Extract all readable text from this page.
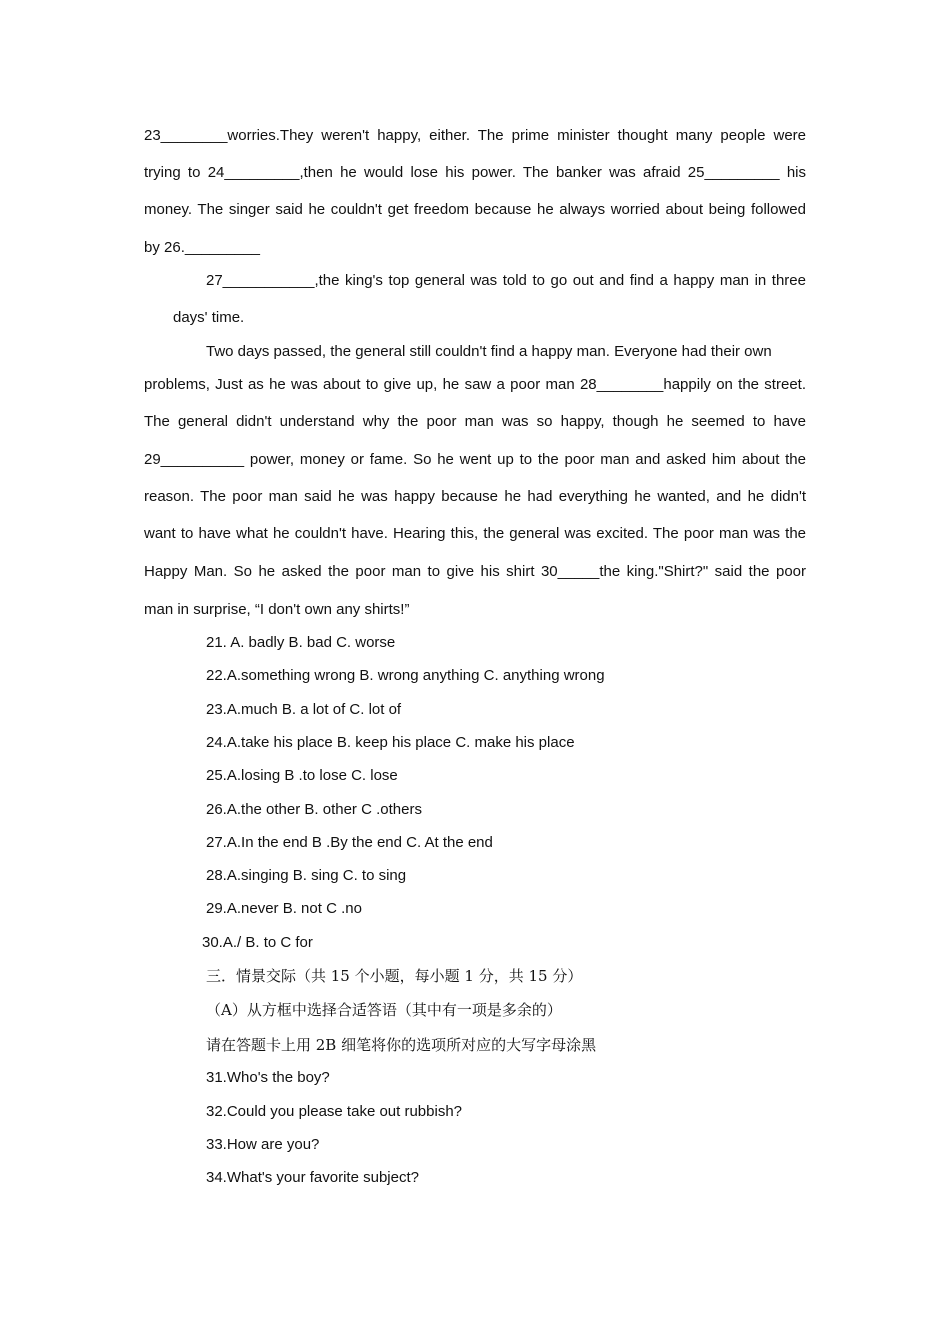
23________worries.They weren't happy, either. The prime minister thought many people were
trying to 24_________,then he would lose his power. The banker was afraid 25_________ his
money. The singer said he couldn't get freedom because he always worried about being followed
by 26._________
27___________,the king's top general was told to go out and find a happy man in three
days' time.
Two days passed, the general still couldn't find a happy man. Everyone had their own
problems, Just as he was about to give up, he saw a poor man 28________happily on the street.
The general didn't understand why the poor man was so happy, though he seemed to have
29__________ power, money or fame. So he went up to the poor man and asked him about the
reason. The poor man said he was happy because he had everything he wanted, and he didn't
want to have what he couldn't have. Hearing this, the general was excited. The poor man was the
Happy Man. So he asked the poor man to give his shirt 30_____the king."Shirt?" said the poor
man in surprise, “I don't own any shirts!”
21. A. badly B. bad C. worse
22.A.something wrong B. wrong anything C. anything wrong
23.A.much B. a lot of C. lot of
24.A.take his place B. keep his place C. make his place
25.A.losing B .to lose C. lose
26.A.the other B. other C .others
27.A.In the end B .By the end C. At the end
28.A.singing B. sing C. to sing
29.A.never B. not C .no
30.A./ B. to C for
三．情景交际（共 15 个小题，每小题 1 分，共 15 分）
（A）从方框中选择合适答语（其中有一项是多余的）
请在答题卡上用 2B 细笔将你的选项所对应的大写字母涂黑
31.Who's the boy?
32.Could you please take out rubbish?
33.How are you?
34.What's your favorite subject?
